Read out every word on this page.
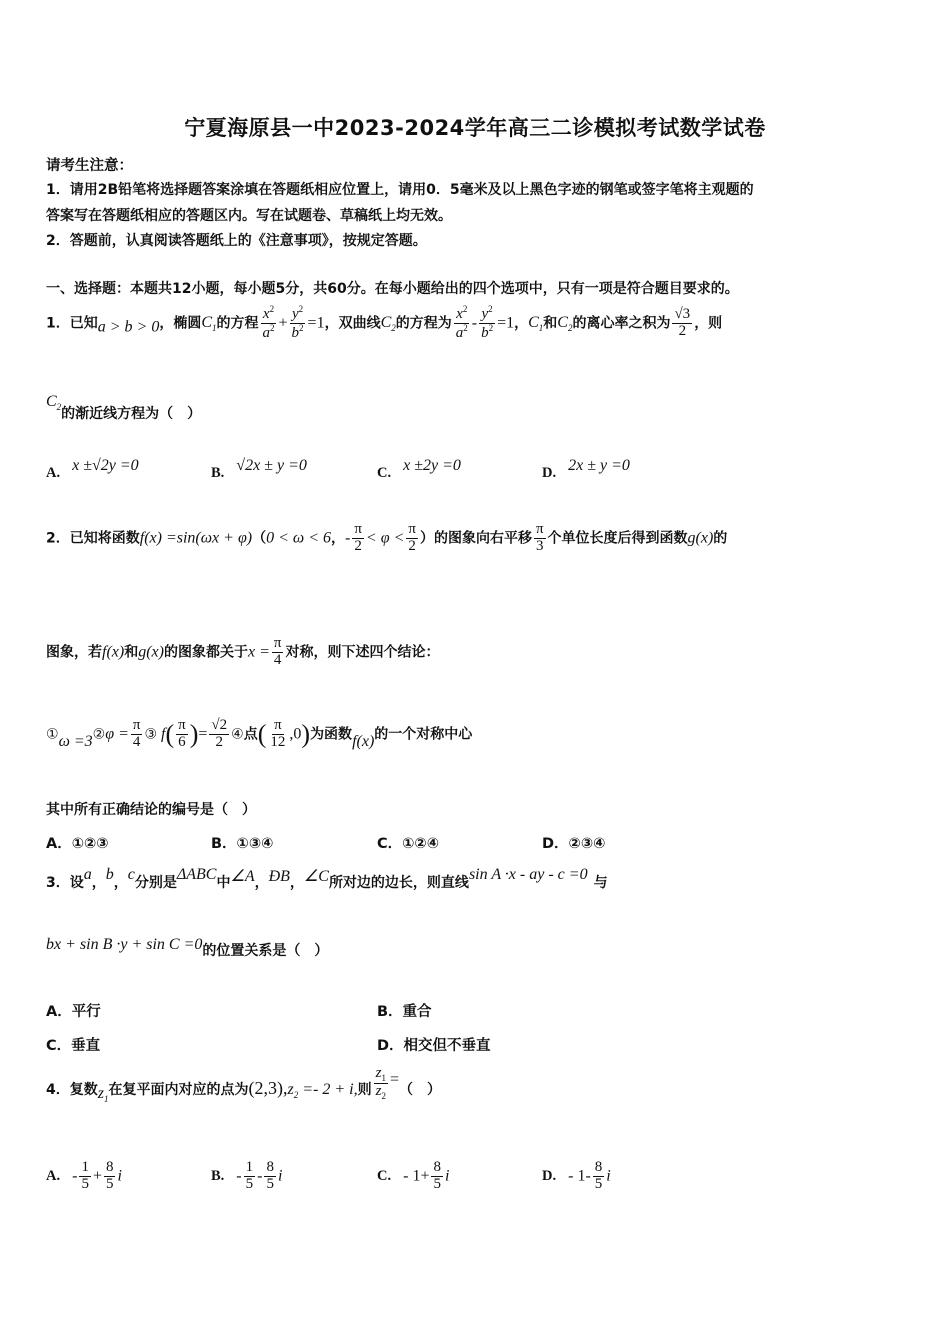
宁夏海原县一中2023-2024学年高三二诊模拟考试数学试卷
请考生注意：
1．请用2B铅笔将选择题答案涂填在答题纸相应位置上，请用0．5毫米及以上黑色字迹的钢笔或签字笔将主观题的
答案写在答题纸相应的答题区内。写在试题卷、草稿纸上均无效。
2．答题前，认真阅读答题纸上的《注意事项》，按规定答题。
一、选择题：本题共12小题，每小题5分，共60分。在每小题给出的四个选项中，只有一项是符合题目要求的。
1．已知a > b > 0，椭圆$C_1$的方程 $\frac{x^2}{a^2} + \frac{y^2}{b^2} =1$，双曲线$C_2$的方程为 $\frac{x^2}{a^2} - \frac{y^2}{b^2} =1$，$C_1$和$C_2$的离心率之积为 $\frac{√3}{2}$ ，则
$C_2$的渐近线方程为（　）
A. x ±√2y =0	B. √2x ± y =0	C. x ±2y =0	D. 2x ± y =0
2．已知将函数f(x) =sin(ωx + φ)（0 < ω < 6，- $\frac{\pi}{2} < \varphi < \frac{\pi}{2}$ ）的图象向右平移 $\frac{\pi}{3}$ 个单位长度后得到函数g(x)的
图象，若f(x)和g(x)的图象都关于$x = \frac{\pi}{4}$ 对称，则下述四个结论：
①ω =3②φ = $\frac{\pi}{4}$ ③ $f( \frac{\pi}{6}$ )= $\frac{√2}{2}$ ④点( $\frac{\pi}{12} ,0$)为函数f(x)的一个对称中心
其中所有正确结论的编号是（　）
A．①②③	B．①③④	C．①②④	D．②③④
3．设a，b，c分别是ΔABC中∠A，ÐB，∠C所对边的边长，则直线sin A ·x - ay - c =0 与
bx + sin B ·y + sin C =0的位置关系是（　）
A．平行	B．重合
C．垂直	D．相交但不垂直
4．复数$z_1$在复平面内对应的点为$(2,3),z_2 =- 2 + i$,则 $\frac{z_1}{z_2}$ =（　）
A. - $\frac{1}{5} + \frac{8}{5}$ i	B. - $\frac{1}{5} - \frac{8}{5}$ i	C. - $1+ \frac{8}{5}$ i	D. - $1- \frac{8}{5}$ i
